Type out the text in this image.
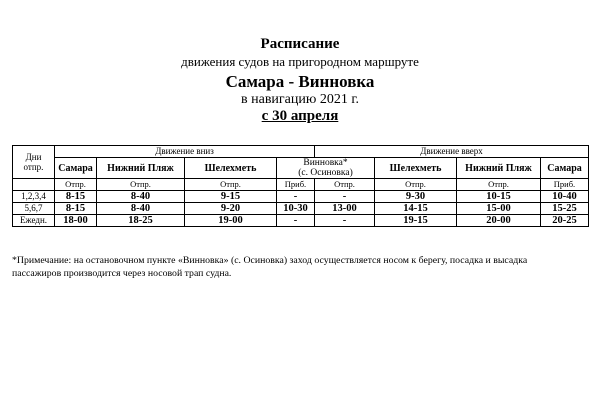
Расписание
движения судов на пригородном маршруте
Самара - Винновка
в навигацию 2021 г.
с 30 апреля
Дни
отпр.	Движение вниз				Движение вверх			
	Самара	Нижний Пляж	Шелехметь	Винновка*
(с. Осиновка)		Шелехметь	Нижний Пляж	Самара
	Отпр.	Отпр.	Отпр.	Приб.	Отпр.	Отпр.	Отпр.	Приб.
1,2,3,4	8-15	8-40	9-15	-	-	9-30	10-15	10-40
5,6,7	8-15	8-40	9-20	10-30	13-00	14-15	15-00	15-25
Ежедн.	18-00	18-25	19-00	-	-	19-15	20-00	20-25
*Примечание: на остановочном пункте «Винновка» (с. Осиновка) заход осуществляется носом к берегу, посадка и высадка пассажиров производится через носовой трап судна.
